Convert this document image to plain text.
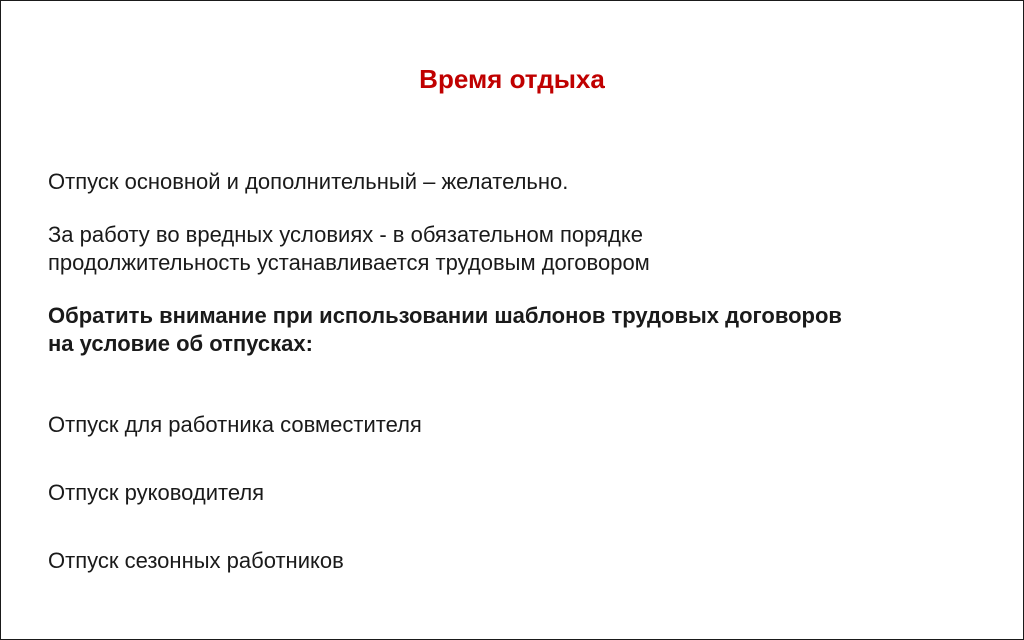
Время отдыха

Отпуск основной и дополнительный – желательно.

За работу во вредных условиях - в обязательном порядке
продолжительность устанавливается трудовым договором

Обратить внимание при использовании шаблонов трудовых договоров
на условие об отпусках:

Отпуск для работника совместителя

Отпуск руководителя

Отпуск сезонных работников
